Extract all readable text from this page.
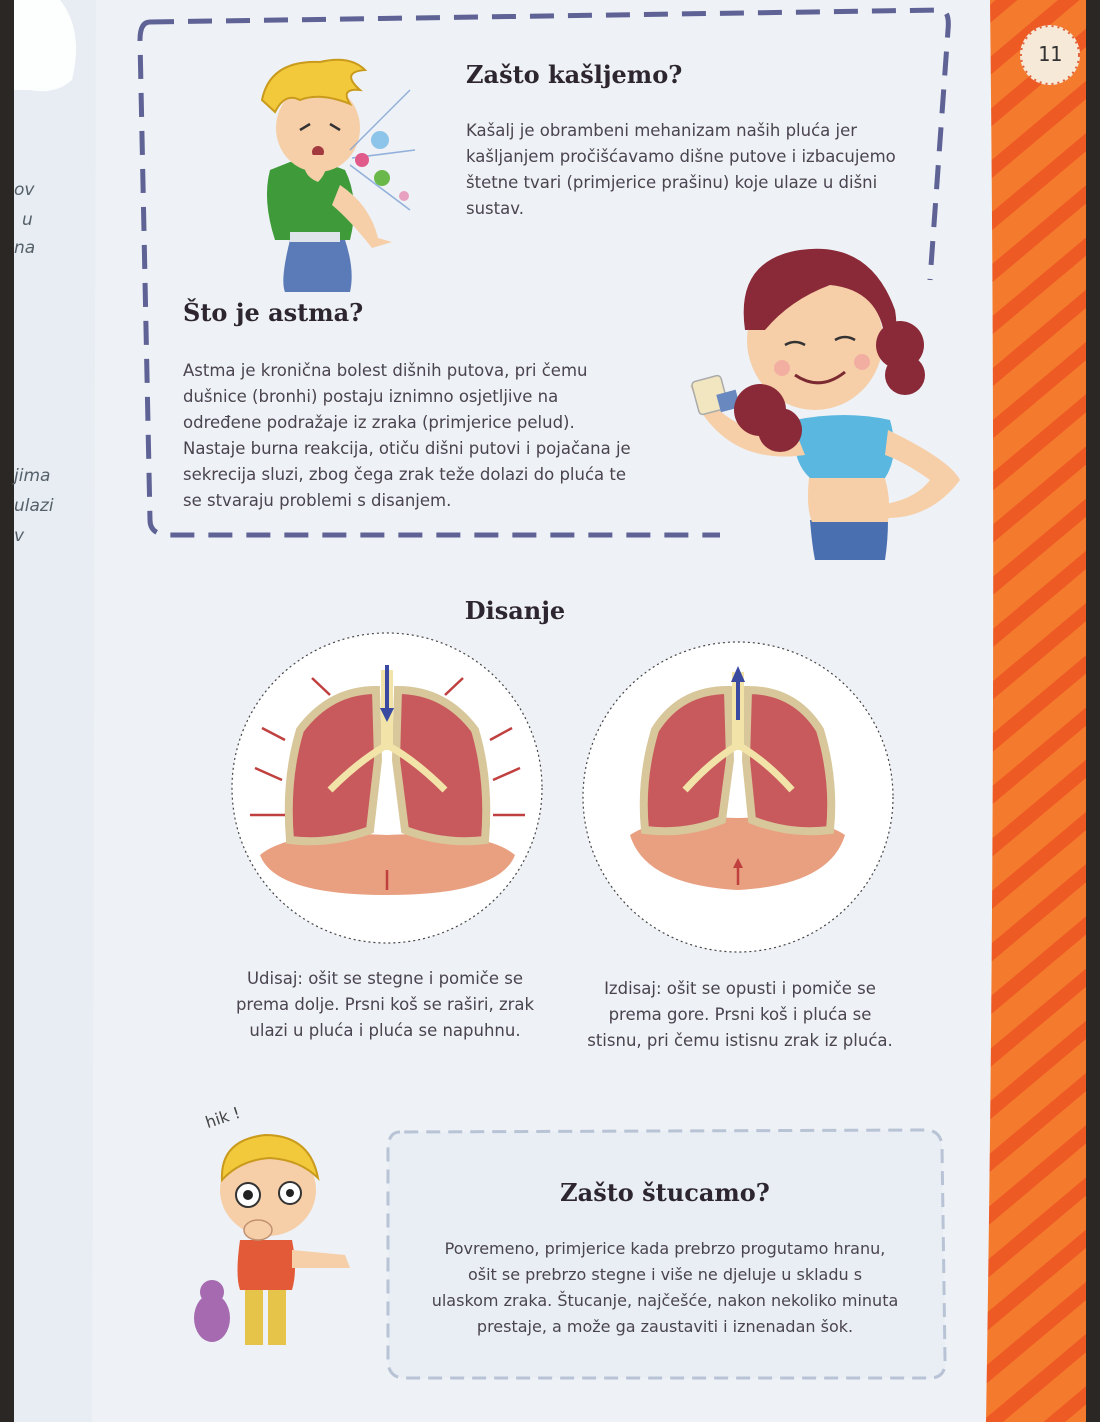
11
ov
u
na
jima
ulazi
v
Zašto kašljemo?
Kašalj je obrambeni mehanizam naših pluća jer
kašljanjem pročišćavamo dišne putove i izbacujemo
štetne tvari (primjerice prašinu) koje ulaze u dišni
sustav.
Što je astma?
Astma je kronična bolest dišnih putova, pri čemu
dušnice (bronhi) postaju iznimno osjetljive na
određene podražaje iz zraka (primjerice pelud).
Nastaje burna reakcija, otiču dišni putovi i pojačana je
sekrecija sluzi, zbog čega zrak teže dolazi do pluća te
se stvaraju problemi s disanjem.
Disanje
Udisaj: ošit se stegne i pomiče se
prema dolje. Prsni koš se raširi, zrak
ulazi u pluća i pluća se napuhnu.
Izdisaj: ošit se opusti i pomiče se
prema gore. Prsni koš i pluća se
stisnu, pri čemu istisnu zrak iz pluća.
hik !
Zašto štucamo?
Povremeno, primjerice kada prebrzo progutamo hranu,
ošit se prebrzo stegne i više ne djeluje u skladu s
ulaskom zraka. Štucanje, najčešće, nakon nekoliko minuta
prestaje, a može ga zaustaviti i iznenadan šok.
